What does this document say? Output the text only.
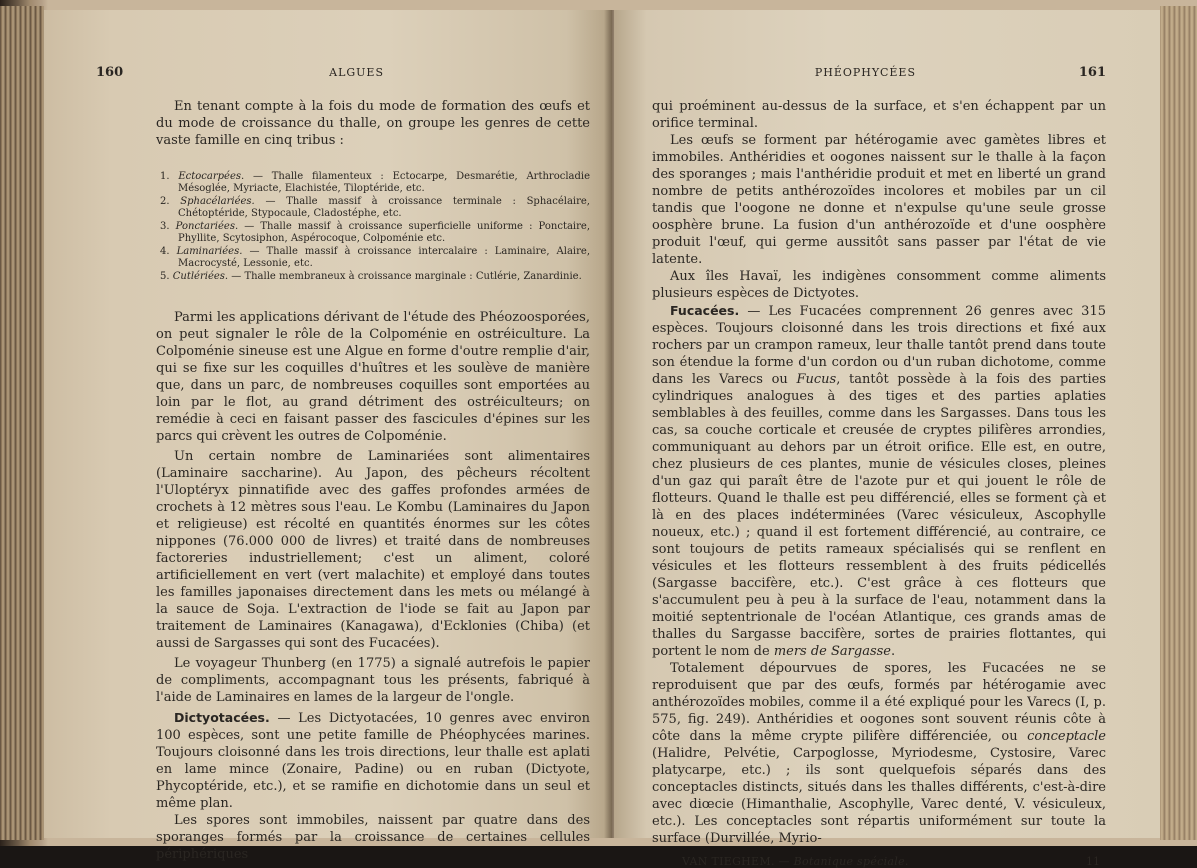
160	ALGUES

En tenant compte à la fois du mode de formation des œufs et du mode de croissance du thalle, on groupe les genres de cette vaste famille en cinq tribus :

1. Ectocarpées. — Thalle filamenteux : Ectocarpe, Desmarétie, Arthrocladie Mésoglée, Myriacte, Elachistée, Tiloptéride, etc.
2. Sphacélariées. — Thalle massif à croissance terminale : Sphacélaire, Chétoptéride, Stypocaule, Cladostéphe, etc.
3. Ponctariées. — Thalle massif à croissance superficielle uniforme : Ponctaire, Phyllite, Scytosiphon, Aspérocoque, Colpoménie etc.
4. Laminariées. — Thalle massif à croissance intercalaire : Laminaire, Alaire, Macrocysté, Lessonie, etc.
5. Cutlériées. — Thalle membraneux à croissance marginale : Cutlérie, Zanardinie.

Parmi les applications dérivant de l'étude des Phéozoosporées, on peut signaler le rôle de la Colpoménie en ostréiculture. La Colpoménie sineuse est une Algue en forme d'outre remplie d'air, qui se fixe sur les coquilles d'huîtres et les soulève de manière que, dans un parc, de nombreuses coquilles sont emportées au loin par le flot, au grand détriment des ostréiculteurs; on remédie à ceci en faisant passer des fascicules d'épines sur les parcs qui crèvent les outres de Colpoménie.

Un certain nombre de Laminariées sont alimentaires (Laminaire saccharine). Au Japon, des pêcheurs récoltent l'Uloptéryx pinnatifide avec des gaffes profondes armées de crochets à 12 mètres sous l'eau. Le Kombu (Laminaires du Japon et religieuse) est récolté en quantités énormes sur les côtes nippones (76.000 000 de livres) et traité dans de nombreuses factoreries industriellement; c'est un aliment, coloré artificiellement en vert (vert malachite) et employé dans toutes les familles japonaises directement dans les mets ou mélangé à la sauce de Soja. L'extraction de l'iode se fait au Japon par traitement de Laminaires (Kanagawa), d'Ecklonies (Chiba) (et aussi de Sargasses qui sont des Fucacées).

Le voyageur Thunberg (en 1775) a signalé autrefois le papier de compliments, accompagnant tous les présents, fabriqué à l'aide de Laminaires en lames de la largeur de l'ongle.

Dictyotacées. — Les Dictyotacées, 10 genres avec environ 100 espèces, sont une petite famille de Phéophycées marines. Toujours cloisonné dans les trois directions, leur thalle est aplati en lame mince (Zonaire, Padine) ou en ruban (Dictyote, Phycoptéride, etc.), et se ramifie en dichotomie dans un seul et même plan.

Les spores sont immobiles, naissent par quatre dans des sporanges formés par la croissance de certaines cellules périphériques

PHÉOPHYCÉES	161

qui proéminent au-dessus de la surface, et s'en échappent par un orifice terminal.

Les œufs se forment par hétérogamie avec gamètes libres et immobiles. Anthéridies et oogones naissent sur le thalle à la façon des sporanges ; mais l'anthéridie produit et met en liberté un grand nombre de petits anthérozoïdes incolores et mobiles par un cil tandis que l'oogone ne donne et n'expulse qu'une seule grosse oosphère brune. La fusion d'un anthérozoïde et d'une oosphère produit l'œuf, qui germe aussitôt sans passer par l'état de vie latente.

Aux îles Havaï, les indigènes consomment comme aliments plusieurs espèces de Dictyotes.

Fucacées. — Les Fucacées comprennent 26 genres avec 315 espèces. Toujours cloisonné dans les trois directions et fixé aux rochers par un crampon rameux, leur thalle tantôt prend dans toute son étendue la forme d'un cordon ou d'un ruban dichotome, comme dans les Varecs ou Fucus, tantôt possède à la fois des parties cylindriques analogues à des tiges et des parties aplaties semblables à des feuilles, comme dans les Sargasses. Dans tous les cas, sa couche corticale et creusée de cryptes pilifères arrondies, communiquant au dehors par un étroit orifice. Elle est, en outre, chez plusieurs de ces plantes, munie de vésicules closes, pleines d'un gaz qui paraît être de l'azote pur et qui jouent le rôle de flotteurs. Quand le thalle est peu différencié, elles se forment çà et là en des places indéterminées (Varec vésiculeux, Ascophylle noueux, etc.) ; quand il est fortement différencié, au contraire, ce sont toujours de petits rameaux spécialisés qui se renflent en vésicules et les flotteurs ressemblent à des fruits pédicellés (Sargasse baccifère, etc.). C'est grâce à ces flotteurs que s'accumulent peu à peu à la surface de l'eau, notamment dans la moitié septentrionale de l'océan Atlantique, ces grands amas de thalles du Sargasse baccifère, sortes de prairies flottantes, qui portent le nom de mers de Sargasse.

Totalement dépourvues de spores, les Fucacées ne se reproduisent que par des œufs, formés par hétérogamie avec anthérozoïdes mobiles, comme il a été expliqué pour les Varecs (I, p. 575, fig. 249). Anthéridies et oogones sont souvent réunis côte à côte dans la même crypte pilifère différenciée, ou conceptacle (Halidre, Pelvétie, Carpoglosse, Myriodesme, Cystosire, Varec platycarpe, etc.) ; ils sont quelquefois séparés dans des conceptacles distincts, situés dans les thalles différents, c'est-à-dire avec diœcie (Himanthalie, Ascophylle, Varec denté, V. vésiculeux, etc.). Les conceptacles sont répartis uniformément sur toute la surface (Durvillée, Myrio-

VAN TIEGHEM. — Botanique spéciale.	11
